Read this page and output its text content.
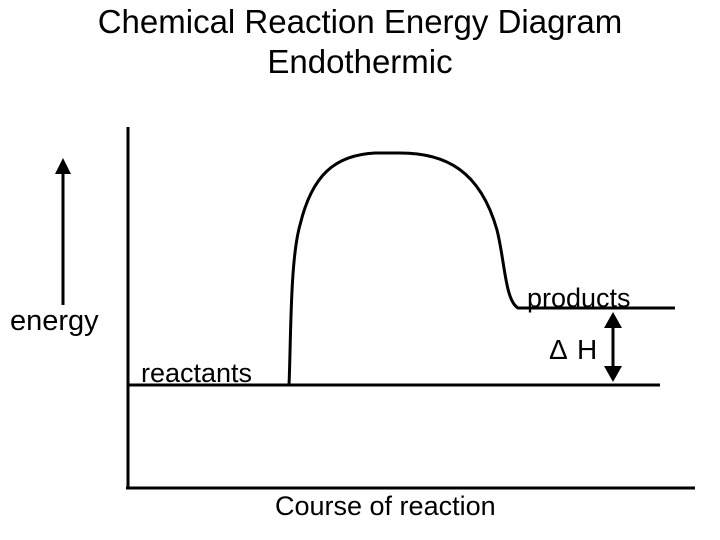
Chemical Reaction Energy Diagram
Endothermic
energy
reactants
products
Δ H
Course of reaction
